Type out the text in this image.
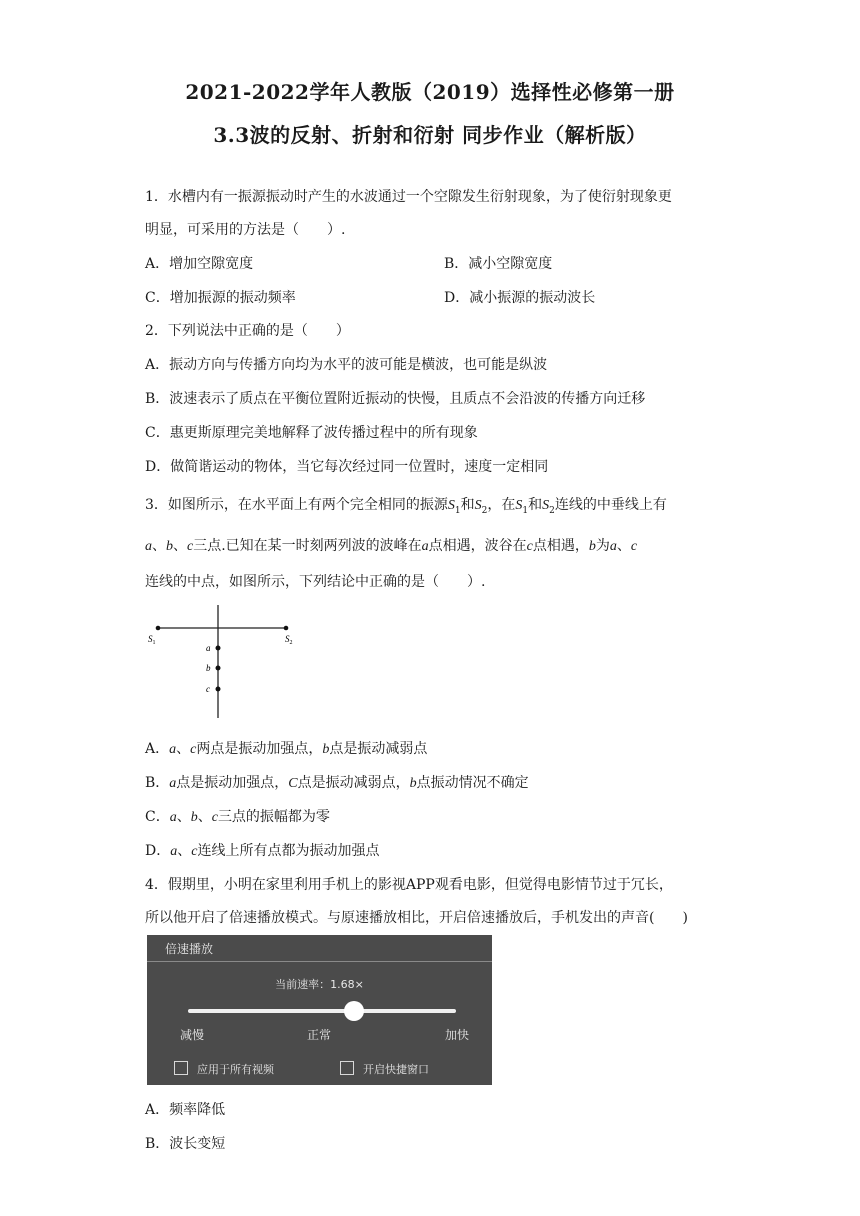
2021-2022学年人教版（2019）选择性必修第一册
3.3波的反射、折射和衍射 同步作业（解析版）
1．水槽内有一振源振动时产生的水波通过一个空隙发生衍射现象，为了使衍射现象更
明显，可采用的方法是（　　）.
A．增加空隙宽度	B．减小空隙宽度
C．增加振源的振动频率	D．减小振源的振动波长
2．下列说法中正确的是（　　）
A．振动方向与传播方向均为水平的波可能是横波，也可能是纵波
B．波速表示了质点在平衡位置附近振动的快慢，且质点不会沿波的传播方向迁移
C．惠更斯原理完美地解释了波传播过程中的所有现象
D．做简谐运动的物体，当它每次经过同一位置时，速度一定相同
3．如图所示，在水平面上有两个完全相同的振源$S_1$和$S_2$，在$S_1$和$S_2$连线的中垂线上有
a、b、c三点.已知在某一时刻两列波的波峰在a点相遇，波谷在c点相遇，b为a、c
连线的中点，如图所示，下列结论中正确的是（　　）.
$S_1$	$S_2$
a
b
c
A．a、c两点是振动加强点，b点是振动减弱点
B．a点是振动加强点，C点是振动减弱点，b点振动情况不确定
C．a、b、c三点的振幅都为零
D．a、c连线上所有点都为振动加强点
4．假期里，小明在家里利用手机上的影视APP观看电影，但觉得电影情节过于冗长，
所以他开启了倍速播放模式。与原速播放相比，开启倍速播放后，手机发出的声音(　　)
倍速播放
当前速率：1.68×
减慢	正常	加快
应用于所有视频	开启快捷窗口
A．频率降低
B．波长变短
